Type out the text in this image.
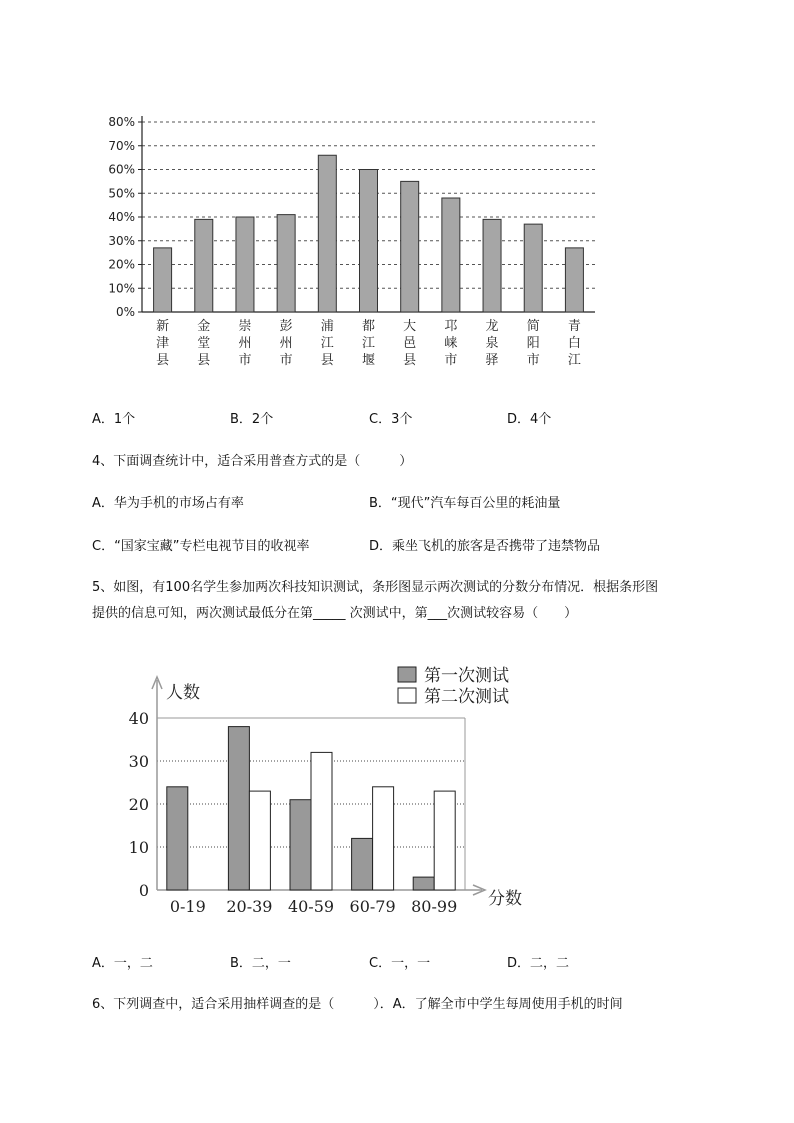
0%
10%
20%
30%
40%
50%
60%
70%
80%
新津县
金堂县
崇州市
彭州市
浦江县
都江堰
大邑县
邛崃市
龙泉驿
简阳市
青白江
A．1个	B．2个	C．3个	D．4个
4、下面调查统计中，适合采用普查方式的是（　　　）
A．华为手机的市场占有率	B．“现代”汽车每百公里的耗油量
C．“国家宝藏”专栏电视节目的收视率	D．乘坐飞机的旅客是否携带了违禁物品
5、如图，有100名学生参加两次科技知识测试，条形图显示两次测试的分数分布情况．根据条形图
提供的信息可知，两次测试最低分在第_____ 次测试中，第___次测试较容易（　　）
第一次测试
第二次测试
人数
0
10
20
30
40
分数
0-19 20-39 40-59 60-79 80-99
A．一，二	B．二，一	C．一，一	D．二，二
6、下列调查中，适合采用抽样调查的是（　　　）．A．了解全市中学生每周使用手机的时间
